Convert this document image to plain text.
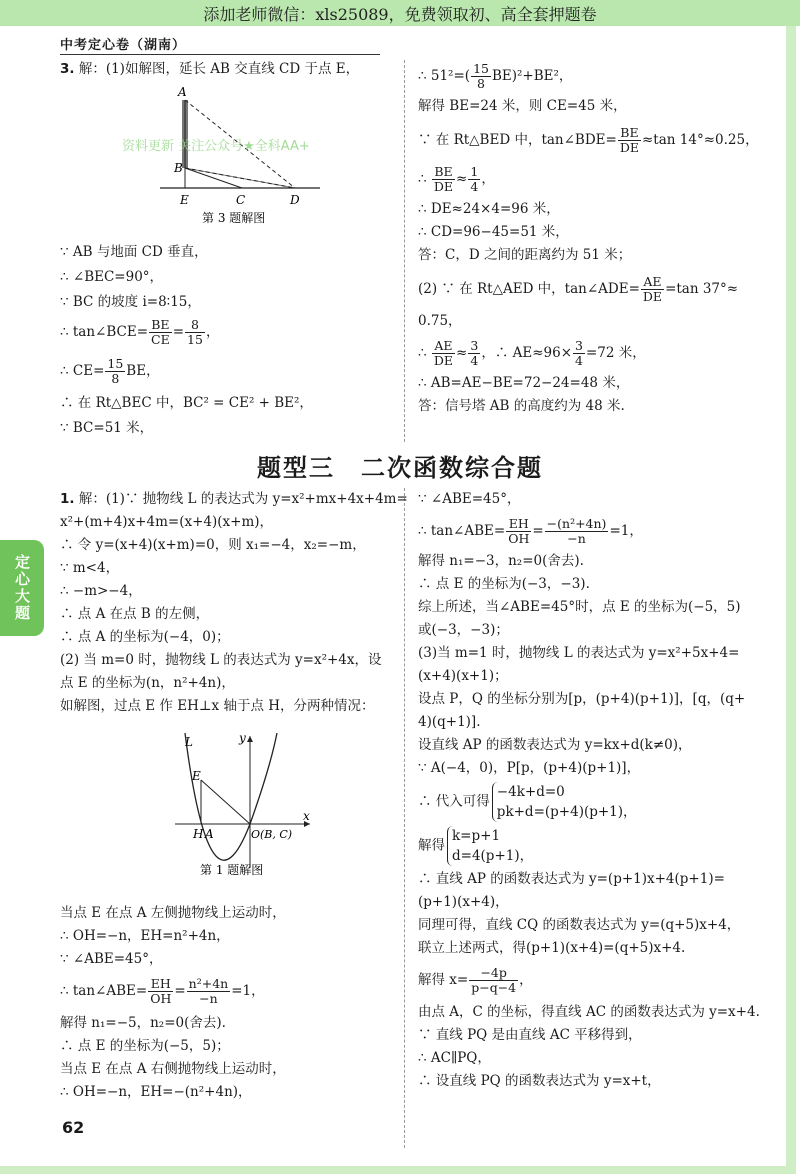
添加老师微信：xls25089，免费领取初、高全套押题卷
中考定心卷（湖南）
定心大题
3. 解：(1)如解图，延长 AB 交直线 CD 于点 E，
∵ AB 与地面 CD 垂直，
∴ ∠BEC=90°，
∵ BC 的坡度 i=8∶15，
∴ tan∠BCE= $\frac{BE}{CE} = \frac{8}{15}$ ，
∴ $CE= \frac{15}{8}$ BE，
∴ 在 Rt△BEC 中，BC² = CE² + BE²，
∵ BC=51 米，
A
B
E	C	D
第 3 题解图
资料更新 关注公众号★全科AA+
∴ $51^2=( \frac{15}{8} BE)^2+BE^2$，
解得 BE=24 米，则 CE=45 米，
∵ 在 Rt△BED 中，tan∠BDE= $\frac{BE}{DE} \approx\tan$ 14°≈0.25，
∴ $\frac{BE}{DE} \approx \frac{1}{4}$ ，
∴ DE≈24×4=96 米，
∴ CD=96−45=51 米，
答：C，D 之间的距离约为 51 米；
(2) ∵ 在 Rt△AED 中，tan∠ADE= $\frac{AE}{DE} =\tan$ 37°≈
0.75，
∴ $\frac{AE}{DE} \approx \frac{3}{4}$ ，∴ $AE\approx 96\times \frac{3}{4} =72$ 米，
∴ AB=AE−BE=72−24=48 米，
答：信号塔 AB 的高度约为 48 米.
题型三　二次函数综合题
1. 解：(1)∵ 抛物线 L 的表达式为 y=x²+mx+4x+4m=
x²+(m+4)x+4m=(x+4)(x+m)，
∴ 令 y=(x+4)(x+m)=0，则 x₁=−4，x₂=−m，
∵ m<4，
∴ −m>−4，
∴ 点 A 在点 B 的左侧，
∴ 点 A 的坐标为(−4，0)；
(2) 当 m=0 时，抛物线 L 的表达式为 y=x²+4x，设
点 E 的坐标为(n，n²+4n)，
如解图，过点 E 作 EH⊥x 轴于点 H，分两种情况：
当点 E 在点 A 左侧抛物线上运动时，
∴ OH=−n，EH=n²+4n，
∵ ∠ABE=45°，
∴ tan∠ABE= $\frac{EH}{OH} = \frac{\text{n²+4n}}{-n} =1$，
解得 n₁=−5，n₂=0(舍去).
∴ 点 E 的坐标为(−5，5)；
当点 E 在点 A 右侧抛物线上运动时，
∴ OH=−n，EH=−(n²+4n)，
L	y
E
H A	O(B, C)
x
第 1 题解图
∵ ∠ABE=45°，
∴ tan∠ABE= $\frac{EH}{OH} = \frac{\text{−(n²+4n)}}{-n} =1$，
解得 n₁=−3，n₂=0(舍去).
∴ 点 E 的坐标为(−3，−3).
综上所述，当∠ABE=45°时，点 E 的坐标为(−5，5)
或(−3，−3)；
(3)当 m=1 时，抛物线 L 的表达式为 y=x²+5x+4=
(x+4)(x+1)；
设点 P，Q 的坐标分别为[p，(p+4)(p+1)]，[q，(q+
4)(q+1)].
设直线 AP 的函数表达式为 y=kx+d(k≠0)，
∵ A(−4，0)，P[p，(p+4)(p+1)]，
∴ 代入可得
−4k+d=0
pk+d=(p+4)(p+1)，
解得
k=p+1
d=4(p+1)，
∴ 直线 AP 的函数表达式为 y=(p+1)x+4(p+1)=
(p+1)(x+4)，
同理可得，直线 CQ 的函数表达式为 y=(q+5)x+4，
联立上述两式，得(p+1)(x+4)=(q+5)x+4.
解得 $x= \frac{-4p}{p-q-4}$ ，
由点 A，C 的坐标，得直线 AC 的函数表达式为 y=x+4.
∵ 直线 PQ 是由直线 AC 平移得到，
∴ AC∥PQ，
∴ 设直线 PQ 的函数表达式为 y=x+t，
62
